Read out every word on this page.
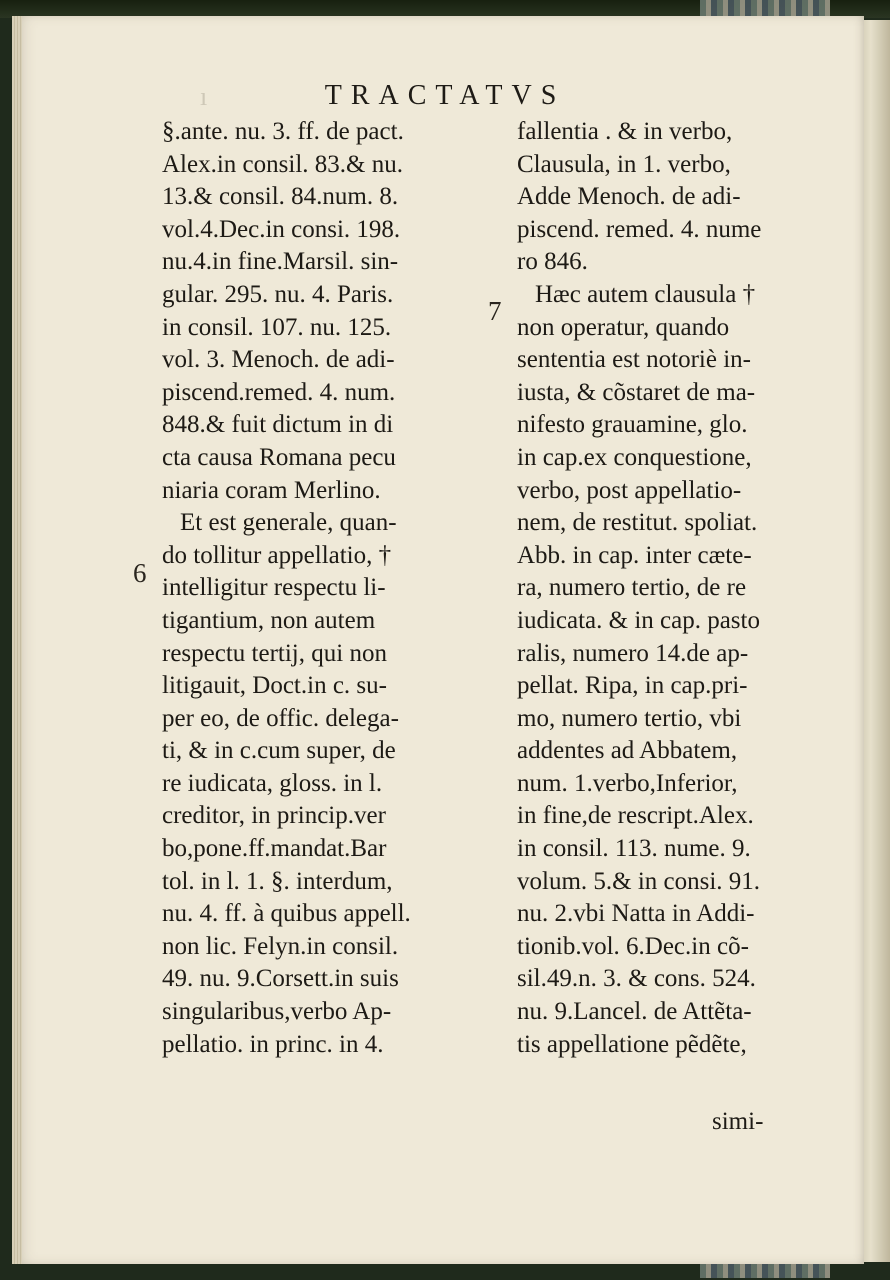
ı	TRACTATVS
§.ante. nu. 3. ff. de pact.
Alex.in consil. 83.& nu.
13.& consil. 84.num. 8.
vol.4.Dec.in consi. 198.
nu.4.in fine.Marsil. sin-
gular. 295. nu. 4. Paris.
in consil. 107. nu. 125.
vol. 3. Menoch. de adi-
piscend.remed. 4. num.
848.& fuit dictum in di
cta causa Romana pecu
niaria coram Merlino.
Et est generale, quan-
do tollitur appellatio, †
intelligitur respectu li-
tigantium, non autem
respectu tertij, qui non
litigauit, Doct.in c. su-
per eo, de offic. delega-
ti, & in c.cum super, de
re iudicata, gloss. in l.
creditor, in princip.ver
bo,pone.ff.mandat.Bar
tol. in l. 1. §. interdum,
nu. 4. ff. à quibus appell.
non lic. Felyn.in consil.
49. nu. 9.Corsett.in suis
singularibus,verbo Ap-
pellatio. in princ. in 4.
fallentia . & in verbo,
Clausula, in 1. verbo,
Adde Menoch. de adi-
piscend. remed. 4. nume
ro 846.
Hæc autem clausula †
non operatur, quando
sententia est notoriè in-
iusta, & cõstaret de ma-
nifesto grauamine, glo.
in cap.ex conquestione,
verbo, post appellatio-
nem, de restitut. spoliat.
Abb. in cap. inter cæte-
ra, numero tertio, de re
iudicata. & in cap. pasto
ralis, numero 14.de ap-
pellat. Ripa, in cap.pri-
mo, numero tertio, vbi
addentes ad Abbatem,
num. 1.verbo,Inferior,
in fine,de rescript.Alex.
in consil. 113. nume. 9.
volum. 5.& in consi. 91.
nu. 2.vbi Natta in Addi-
tionib.vol. 6.Dec.in cõ-
sil.49.n. 3. & cons. 524.
nu. 9.Lancel. de Attẽta-
tis appellatione pẽdẽte,
6
7
simi-
